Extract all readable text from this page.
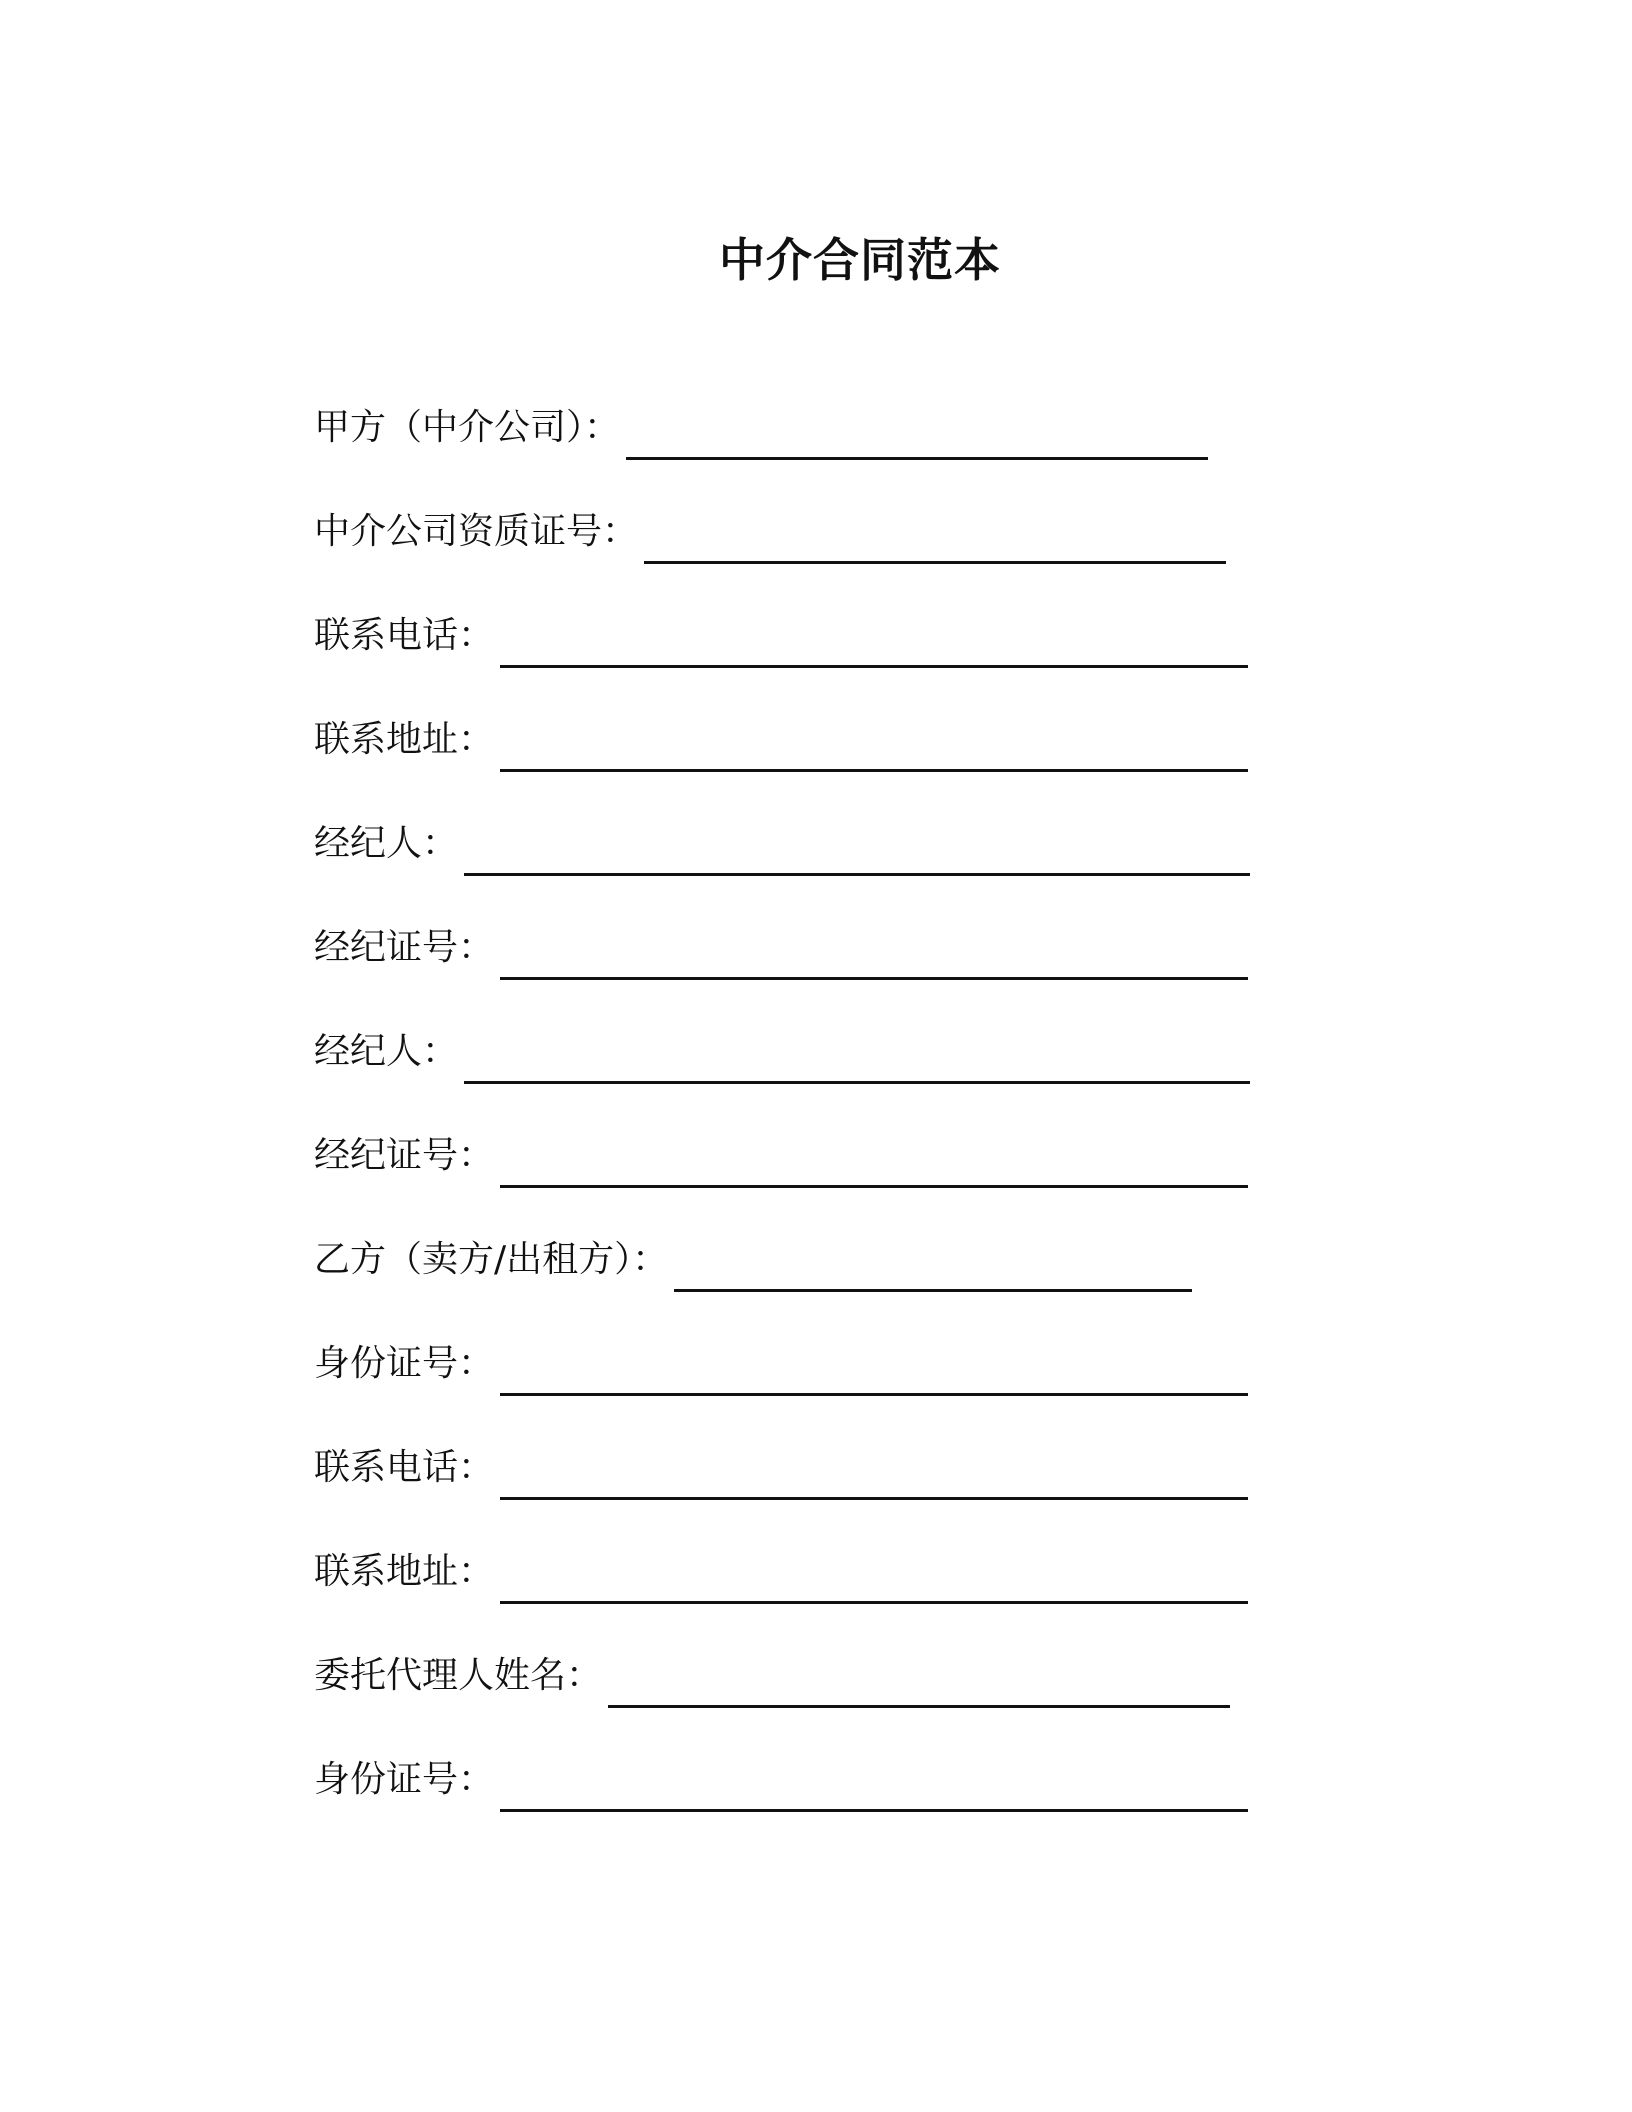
中介合同范本
甲方（中介公司）：
中介公司资质证号：
联系电话：
联系地址：
经纪人：
经纪证号：
经纪人：
经纪证号：
乙方（卖方/出租方）：
身份证号：
联系电话：
联系地址：
委托代理人姓名：
身份证号：
